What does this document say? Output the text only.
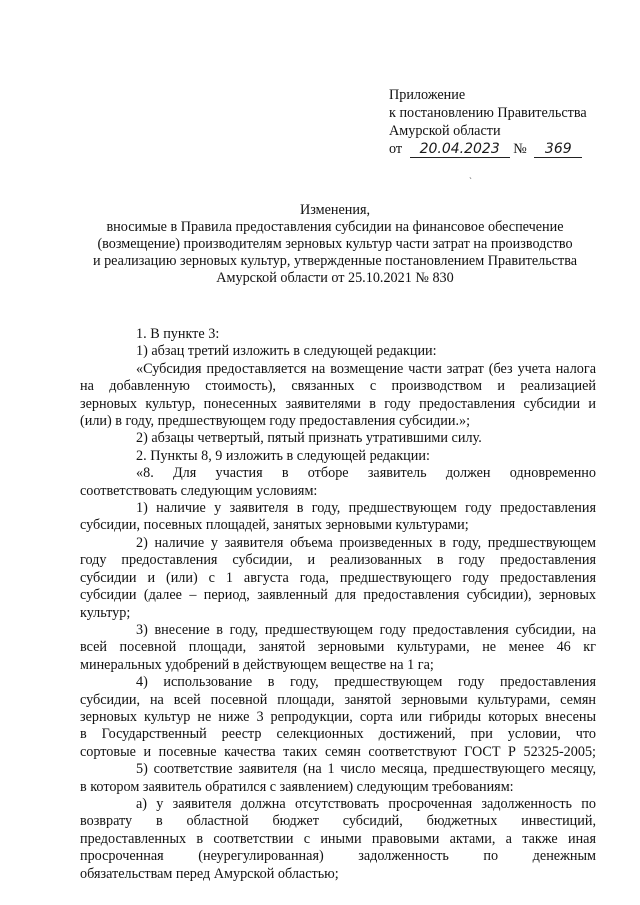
Приложение
к постановлению Правительства
Амурской области
от 20.04.2023 № 369
ˋ
Изменения,
вносимые в Правила предоставления субсидии на финансовое обеспечение
(возмещение) производителям зерновых культур части затрат на производство
и реализацию зерновых культур, утвержденные постановлением Правительства
Амурской области от 25.10.2021 № 830
1. В пункте 3:
1) абзац третий изложить в следующей редакции:
«Субсидия предоставляется на возмещение части затрат (без учета налога
на добавленную стоимость), связанных с производством и реализацией
зерновых культур, понесенных заявителями в году предоставления субсидии и
(или) в году, предшествующем году предоставления субсидии.»;
2) абзацы четвертый, пятый признать утратившими силу.
2. Пункты 8, 9 изложить в следующей редакции:
«8. Для участия в отборе заявитель должен одновременно
соответствовать следующим условиям:
1) наличие у заявителя в году, предшествующем году предоставления
субсидии, посевных площадей, занятых зерновыми культурами;
2) наличие у заявителя объема произведенных в году, предшествующем
году предоставления субсидии, и реализованных в году предоставления
субсидии и (или) с 1 августа года, предшествующего году предоставления
субсидии (далее – период, заявленный для предоставления субсидии), зерновых
культур;
3) внесение в году, предшествующем году предоставления субсидии, на
всей посевной площади, занятой зерновыми культурами, не менее 46 кг
минеральных удобрений в действующем веществе на 1 га;
4) использование в году, предшествующем году предоставления
субсидии, на всей посевной площади, занятой зерновыми культурами, семян
зерновых культур не ниже 3 репродукции, сорта или гибриды которых внесены
в Государственный реестр селекционных достижений, при условии, что
сортовые и посевные качества таких семян соответствуют ГОСТ Р 52325-2005;
5) соответствие заявителя (на 1 число месяца, предшествующего месяцу,
в котором заявитель обратился с заявлением) следующим требованиям:
а) у заявителя должна отсутствовать просроченная задолженность по
возврату в областной бюджет субсидий, бюджетных инвестиций,
предоставленных в соответствии с иными правовыми актами, а также иная
просроченная (неурегулированная) задолженность по денежным
обязательствам перед Амурской областью;
